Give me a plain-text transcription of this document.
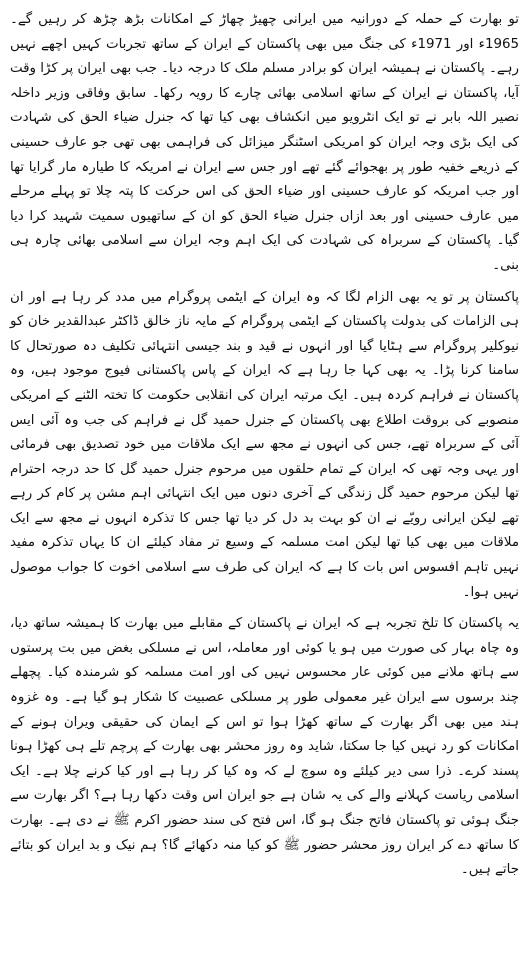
تو بھارت کے حملہ کے دورانیہ میں ایرانی چھیڑ چھاڑ کے امکانات بڑھ چڑھ کر رہیں گے۔ 1965ء اور 1971ء کی جنگ میں بھی پاکستان کے ایران کے ساتھ تجربات کہیں اچھے نہیں رہے۔ پاکستان نے ہمیشہ ایران کو برادر مسلم ملک کا درجہ دیا۔ جب بھی ایران پر کڑا وقت آیا، پاکستان نے ایران کے ساتھ اسلامی بھائی چارے کا رویہ رکھا۔ سابق وفاقی وزیر داخلہ نصیر اللہ بابر نے تو ایک انٹرویو میں انکشاف بھی کیا تھا کہ جنرل ضیاء الحق کی شہادت کی ایک بڑی وجہ ایران کو امریکی اسٹنگر میزائل کی فراہمی بھی تھی جو عارف حسینی کے ذریعے خفیہ طور پر بھجوائے گئے تھے اور جس سے ایران نے امریکہ کا طیارہ مار گرایا تھا اور جب امریکہ کو عارف حسینی اور ضیاء الحق کی اس حرکت کا پتہ چلا تو پہلے مرحلے میں عارف حسینی اور بعد ازاں جنرل ضیاء الحق کو ان کے ساتھیوں سمیت شہید کرا دیا گیا۔ پاکستان کے سربراہ کی شہادت کی ایک اہم وجہ ایران سے اسلامی بھائی چارہ ہی بنی۔

پاکستان پر تو یہ بھی الزام لگا کہ وہ ایران کے ایٹمی پروگرام میں مدد کر رہا ہے اور ان ہی الزامات کی بدولت پاکستان کے ایٹمی پروگرام کے مایہ ناز خالق ڈاکٹر عبدالقدیر خان کو نیوکلیر پروگرام سے ہٹایا گیا اور انہوں نے قید و بند جیسی انتہائی تکلیف دہ صورتحال کا سامنا کرنا پڑا۔ یہ بھی کہا جا رہا ہے کہ ایران کے پاس پاکستانی فیوج موجود ہیں، وہ پاکستان نے فراہم کردہ ہیں۔ ایک مرتبہ ایران کی انقلابی حکومت کا تختہ الٹنے کے امریکی منصوبے کی بروقت اطلاع بھی پاکستان کے جنرل حمید گل نے فراہم کی جب وہ آئی ایس آئی کے سربراہ تھے، جس کی انہوں نے مجھ سے ایک ملاقات میں خود تصدیق بھی فرمائی اور یہی وجہ تھی کہ ایران کے تمام حلقوں میں مرحوم جنرل حمید گل کا حد درجہ احترام تھا لیکن مرحوم حمید گل زندگی کے آخری دنوں میں ایک انتہائی اہم مشن پر کام کر رہے تھے لیکن ایرانی رویّے نے ان کو بہت بد دل کر دیا تھا جس کا تذکرہ انہوں نے مجھ سے ایک ملاقات میں بھی کیا تھا لیکن امت مسلمہ کے وسیع تر مفاد کیلئے ان کا یہاں تذکرہ مفید نہیں تاہم افسوس اس بات کا ہے کہ ایران کی طرف سے اسلامی اخوت کا جواب موصول نہیں ہوا۔

یہ پاکستان کا تلخ تجربہ ہے کہ ایران نے پاکستان کے مقابلے میں بھارت کا ہمیشہ ساتھ دیا، وہ چاہ بہار کی صورت میں ہو یا کوئی اور معاملہ، اس نے مسلکی بغض میں بت پرستوں سے ہاتھ ملانے میں کوئی عار محسوس نہیں کی اور امت مسلمہ کو شرمندہ کیا۔ پچھلے چند برسوں سے ایران غیر معمولی طور پر مسلکی عصبیت کا شکار ہو گیا ہے۔ وہ غزوہ ہند میں بھی اگر بھارت کے ساتھ کھڑا ہوا تو اس کے ایمان کی حقیقی ویران ہونے کے امکانات کو رد نہیں کیا جا سکتا، شاید وہ روز محشر بھی بھارت کے پرچم تلے ہی کھڑا ہونا پسند کرے۔ ذرا سی دیر کیلئے وہ سوچ لے کہ وہ کیا کر رہا ہے اور کیا کرنے چلا ہے۔ ایک اسلامی ریاست کہلانے والے کی یہ شان ہے جو ایران اس وقت دکھا رہا ہے؟ اگر بھارت سے جنگ ہوئی تو پاکستان فاتح جنگ ہو گا، اس فتح کی سند حضور اکرم ﷺ نے دی ہے۔ بھارت کا ساتھ دے کر ایران روز محشر حضور ﷺ کو کیا منہ دکھائے گا؟ ہم نیک و بد ایران کو بتائے جاتے ہیں۔
